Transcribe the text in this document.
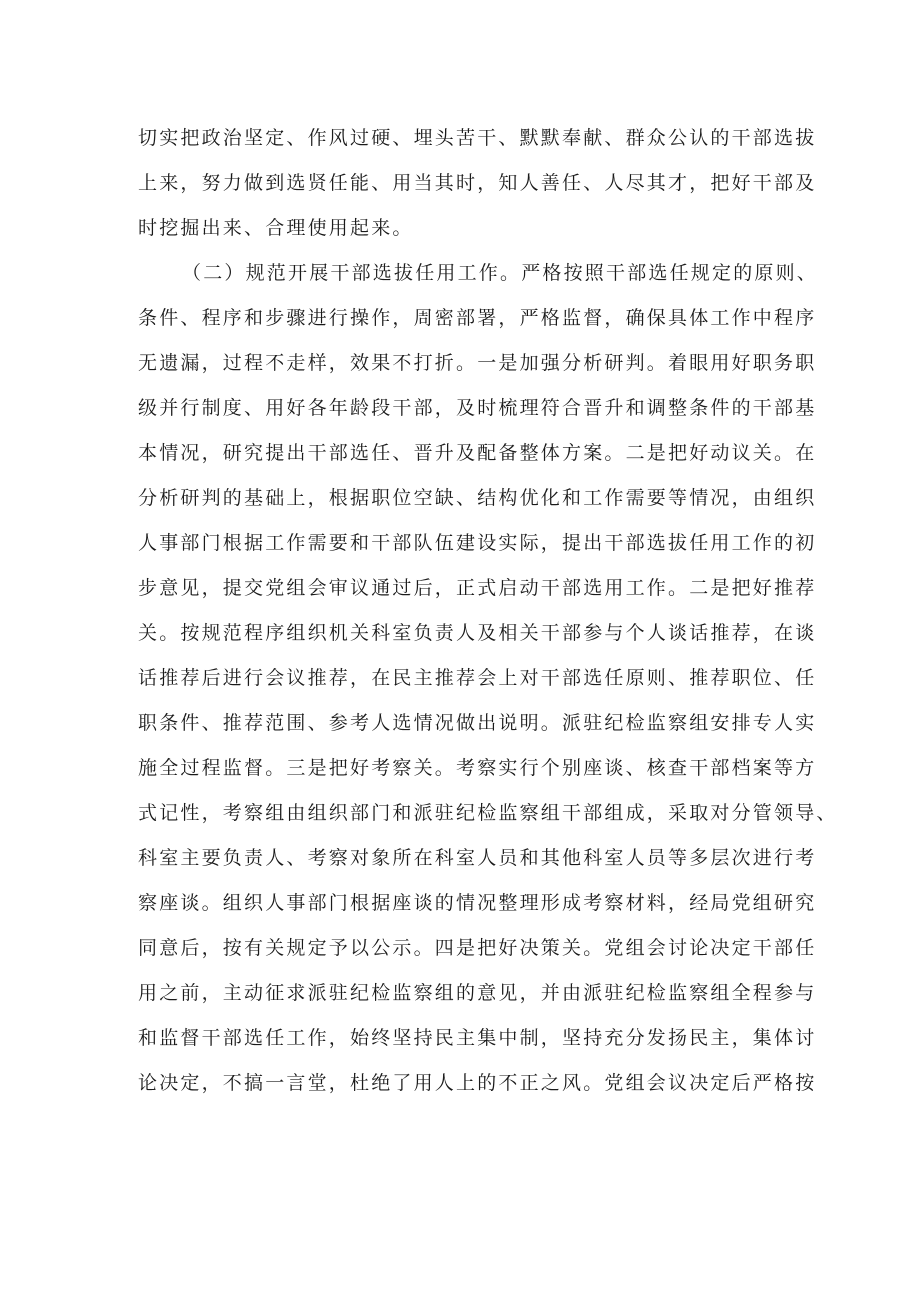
切实把政治坚定、作风过硬、埋头苦干、默默奉献、群众公认的干部选拔
上来，努力做到选贤任能、用当其时，知人善任、人尽其才，把好干部及
时挖掘出来、合理使用起来。
（二）规范开展干部选拔任用工作。严格按照干部选任规定的原则、
条件、程序和步骤进行操作，周密部署，严格监督，确保具体工作中程序
无遗漏，过程不走样，效果不打折。一是加强分析研判。着眼用好职务职
级并行制度、用好各年龄段干部，及时梳理符合晋升和调整条件的干部基
本情况，研究提出干部选任、晋升及配备整体方案。二是把好动议关。在
分析研判的基础上，根据职位空缺、结构优化和工作需要等情况，由组织
人事部门根据工作需要和干部队伍建设实际，提出干部选拔任用工作的初
步意见，提交党组会审议通过后，正式启动干部选用工作。二是把好推荐
关。按规范程序组织机关科室负责人及相关干部参与个人谈话推荐，在谈
话推荐后进行会议推荐，在民主推荐会上对干部选任原则、推荐职位、任
职条件、推荐范围、参考人选情况做出说明。派驻纪检监察组安排专人实
施全过程监督。三是把好考察关。考察实行个别座谈、核查干部档案等方
式记性，考察组由组织部门和派驻纪检监察组干部组成，采取对分管领导、
科室主要负责人、考察对象所在科室人员和其他科室人员等多层次进行考
察座谈。组织人事部门根据座谈的情况整理形成考察材料，经局党组研究
同意后，按有关规定予以公示。四是把好决策关。党组会讨论决定干部任
用之前，主动征求派驻纪检监察组的意见，并由派驻纪检监察组全程参与
和监督干部选任工作，始终坚持民主集中制，坚持充分发扬民主，集体讨
论决定，不搞一言堂，杜绝了用人上的不正之风。党组会议决定后严格按
